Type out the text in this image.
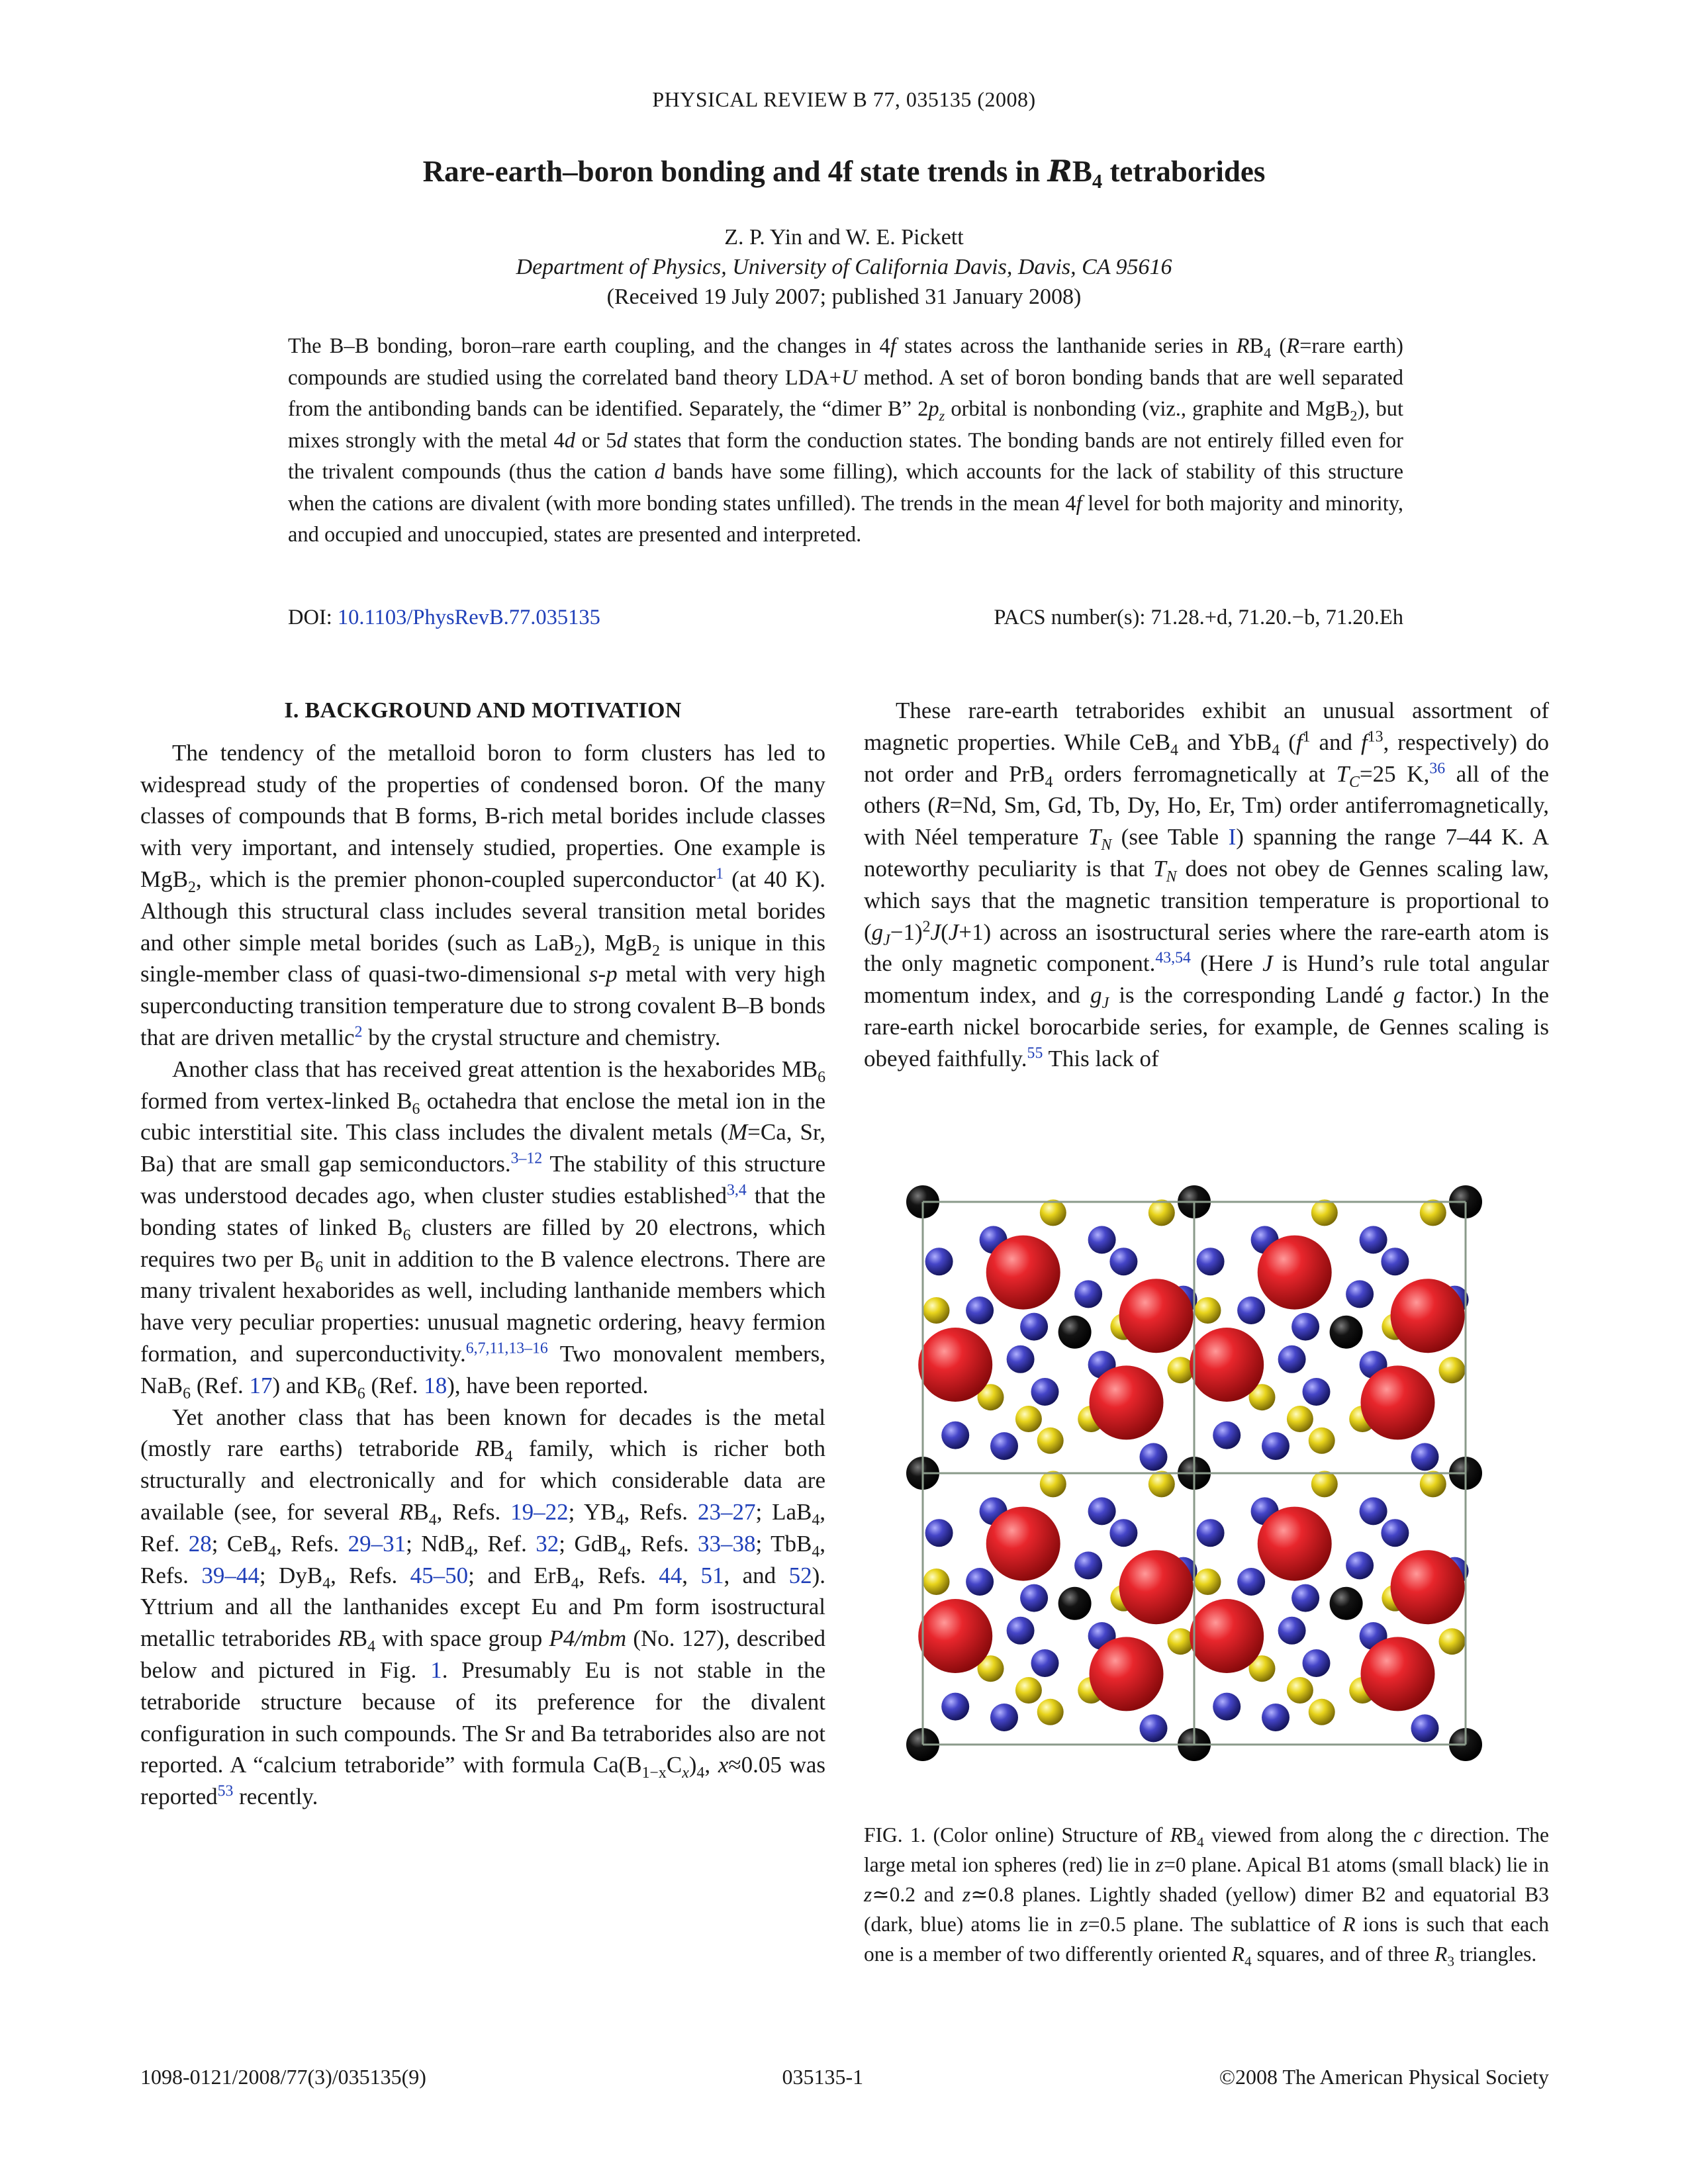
PHYSICAL REVIEW B 77, 035135 (2008)
Rare-earth–boron bonding and 4f state trends in $RB_4$ tetraborides
Z. P. Yin and W. E. Pickett
Department of Physics, University of California Davis, Davis, CA 95616
(Received 19 July 2007; published 31 January 2008)
The B–B bonding, boron–rare earth coupling, and the changes in 4f states across the lanthanide series in $RB_4$ (R=rare earth) compounds are studied using the correlated band theory LDA+U method. A set of boron bonding bands that are well separated from the antibonding bands can be identified. Separately, the “dimer B” $2p_z$ orbital is nonbonding (viz., graphite and MgB$_2$), but mixes strongly with the metal 4d or 5d states that form the conduction states. The bonding bands are not entirely filled even for the trivalent compounds (thus the cation d bands have some filling), which accounts for the lack of stability of this structure when the cations are divalent (with more bonding states unfilled). The trends in the mean 4f level for both majority and minority, and occupied and unoccupied, states are presented and interpreted.
DOI: 10.1103/PhysRevB.77.035135	PACS number(s): 71.28.+d, 71.20.−b, 71.20.Eh

I. BACKGROUND AND MOTIVATION

The tendency of the metalloid boron to form clusters has led to widespread study of the properties of condensed boron. Of the many classes of compounds that B forms, B-rich metal borides include classes with very important, and intensely studied, properties. One example is MgB$_2$, which is the premier phonon-coupled superconductor$^1$ (at 40 K). Although this structural class includes several transition metal borides and other simple metal borides (such as LaB$_2$), MgB$_2$ is unique in this single-member class of quasi-two-dimensional s-p metal with very high superconducting transition temperature due to strong covalent B–B bonds that are driven metallic$^2$ by the crystal structure and chemistry.

Another class that has received great attention is the hexaborides $MB_6$ formed from vertex-linked $B_6$ octahedra that enclose the metal ion in the cubic interstitial site. This class includes the divalent metals (M=Ca, Sr, Ba) that are small gap semiconductors.$^{3-12}$ The stability of this structure was understood decades ago, when cluster studies established$^{3,4}$ that the bonding states of linked $B_6$ clusters are filled by 20 electrons, which requires two per $B_6$ unit in addition to the B valence electrons. There are many trivalent hexaborides as well, including lanthanide members which have very peculiar properties: unusual magnetic ordering, heavy fermion formation, and superconductivity.$^{6,7,11,13-16}$ Two monovalent members, NaB$_6$ (Ref. 17) and $KB_6$ (Ref. 18), have been reported.

Yet another class that has been known for decades is the metal (mostly rare earths) tetraboride $RB_4$ family, which is richer both structurally and electronically and for which considerable data are available (see, for several $RB_4$, Refs. 19–22; $YB_4$, Refs. 23–27; LaB$_4$, Ref. 28; CeB$_4$, Refs. 29–31; NdB$_4$, Ref. 32; GdB$_4$, Refs. 33–38; TbB$_4$, Refs. 39–44; DyB$_4$, Refs. 45–50; and ErB$_4$, Refs. 44, 51, and 52). Yttrium and all the lanthanides except Eu and Pm form isostructural metallic tetraborides $RB_4$ with space group P4/mbm (No. 127), described below and pictured in Fig. 1. Presumably Eu is not stable in the tetraboride structure because of its preference for the divalent configuration in such compounds. The Sr and Ba tetraborides also are not reported. A “calcium tetraboride” with formula $Ca(B_{1-x}C_x)_4$, x≈0.05 was reported$^{53}$ recently.

These rare-earth tetraborides exhibit an unusual assortment of magnetic properties. While CeB$_4$ and YbB$_4$ ($f^1$ and $f^{13}$, respectively) do not order and PrB$_4$ orders ferromagnetically at $T_C=25$ K,$^{36}$ all of the others (R=Nd, Sm, Gd, Tb, Dy, Ho, Er, Tm) order antiferromagnetically, with Néel temperature $T_N$ (see Table I) spanning the range 7–44 K. A noteworthy peculiarity is that $T_N$ does not obey de Gennes scaling law, which says that the magnetic transition temperature is proportional to $(g_J-1)^2J(J+1)$ across an isostructural series where the rare-earth atom is the only magnetic component.$^{43,54}$ (Here J is Hund’s rule total angular momentum index, and $g_J$ is the corresponding Landé g factor.) In the rare-earth nickel borocarbide series, for example, de Gennes scaling is obeyed faithfully.$^{55}$ This lack of

FIG. 1. (Color online) Structure of $RB_4$ viewed from along the c direction. The large metal ion spheres (red) lie in z=0 plane. Apical B1 atoms (small black) lie in z≃0.2 and z≃0.8 planes. Lightly shaded (yellow) dimer B2 and equatorial B3 (dark, blue) atoms lie in z=0.5 plane. The sublattice of R ions is such that each one is a member of two differently oriented $R_4$ squares, and of three $R_3$ triangles.
1098-0121/2008/77(3)/035135(9)	035135-1	©2008 The American Physical Society
